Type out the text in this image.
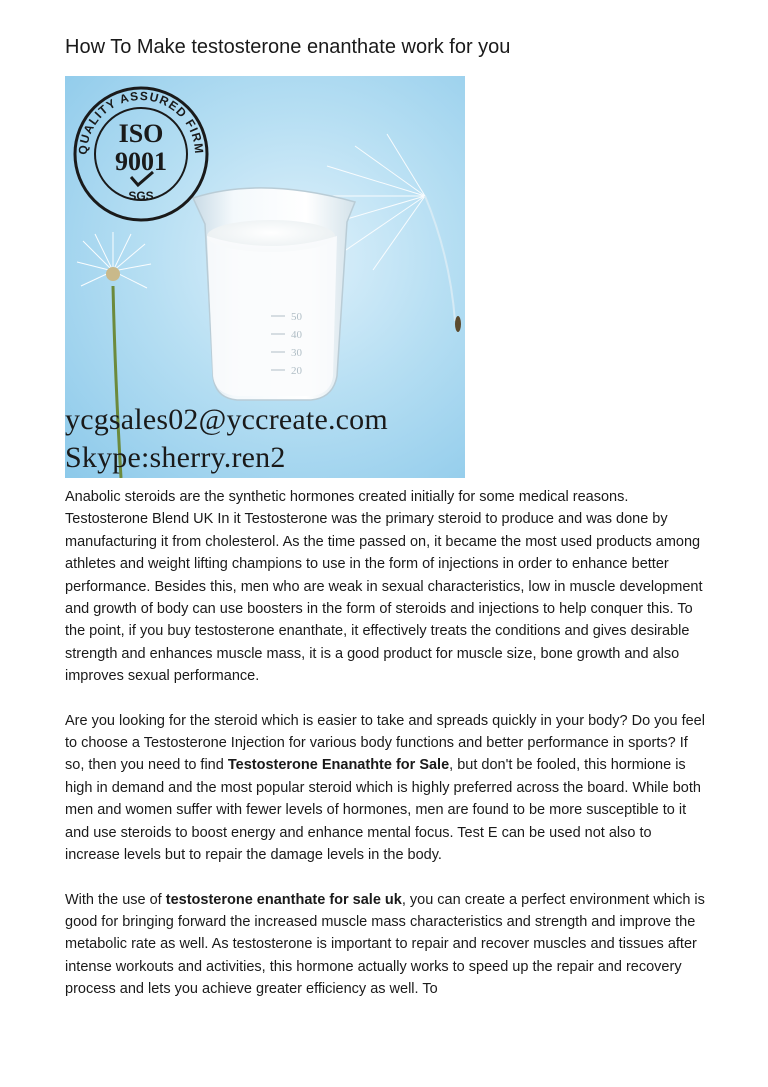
How To Make testosterone enanthate work for you
50
40
30
20
QUALITY ASSURED FIRM
ISO
9001
SGS
ycgsales02@yccreate.com
Skype:sherry.ren2

Anabolic steroids are the synthetic hormones created initially for some medical reasons. Testosterone Blend UK In it Testosterone was the primary steroid to produce and was done by manufacturing it from cholesterol. As the time passed on, it became the most used products among athletes and weight lifting champions to use in the form of injections in order to enhance better performance. Besides this, men who are weak in sexual characteristics, low in muscle development and growth of body can use boosters in the form of steroids and injections to help conquer this. To the point, if you buy testosterone enanthate, it effectively treats the conditions and gives desirable strength and enhances muscle mass, it is a good product for muscle size, bone growth and also improves sexual performance.

Are you looking for the steroid which is easier to take and spreads quickly in your body? Do you feel to choose a Testosterone Injection for various body functions and better performance in sports? If so, then you need to find Testosterone Enanathte for Sale, but don't be fooled, this hormione is high in demand and the most popular steroid which is highly preferred across the board. While both men and women suffer with fewer levels of hormones, men are found to be more susceptible to it and use steroids to boost energy and enhance mental focus. Test E can be used not also to increase levels but to repair the damage levels in the body.

With the use of testosterone enanthate for sale uk, you can create a perfect environment which is good for bringing forward the increased muscle mass characteristics and strength and improve the metabolic rate as well. As testosterone is important to repair and recover muscles and tissues after intense workouts and activities, this hormone actually works to speed up the repair and recovery process and lets you achieve greater efficiency as well. To
